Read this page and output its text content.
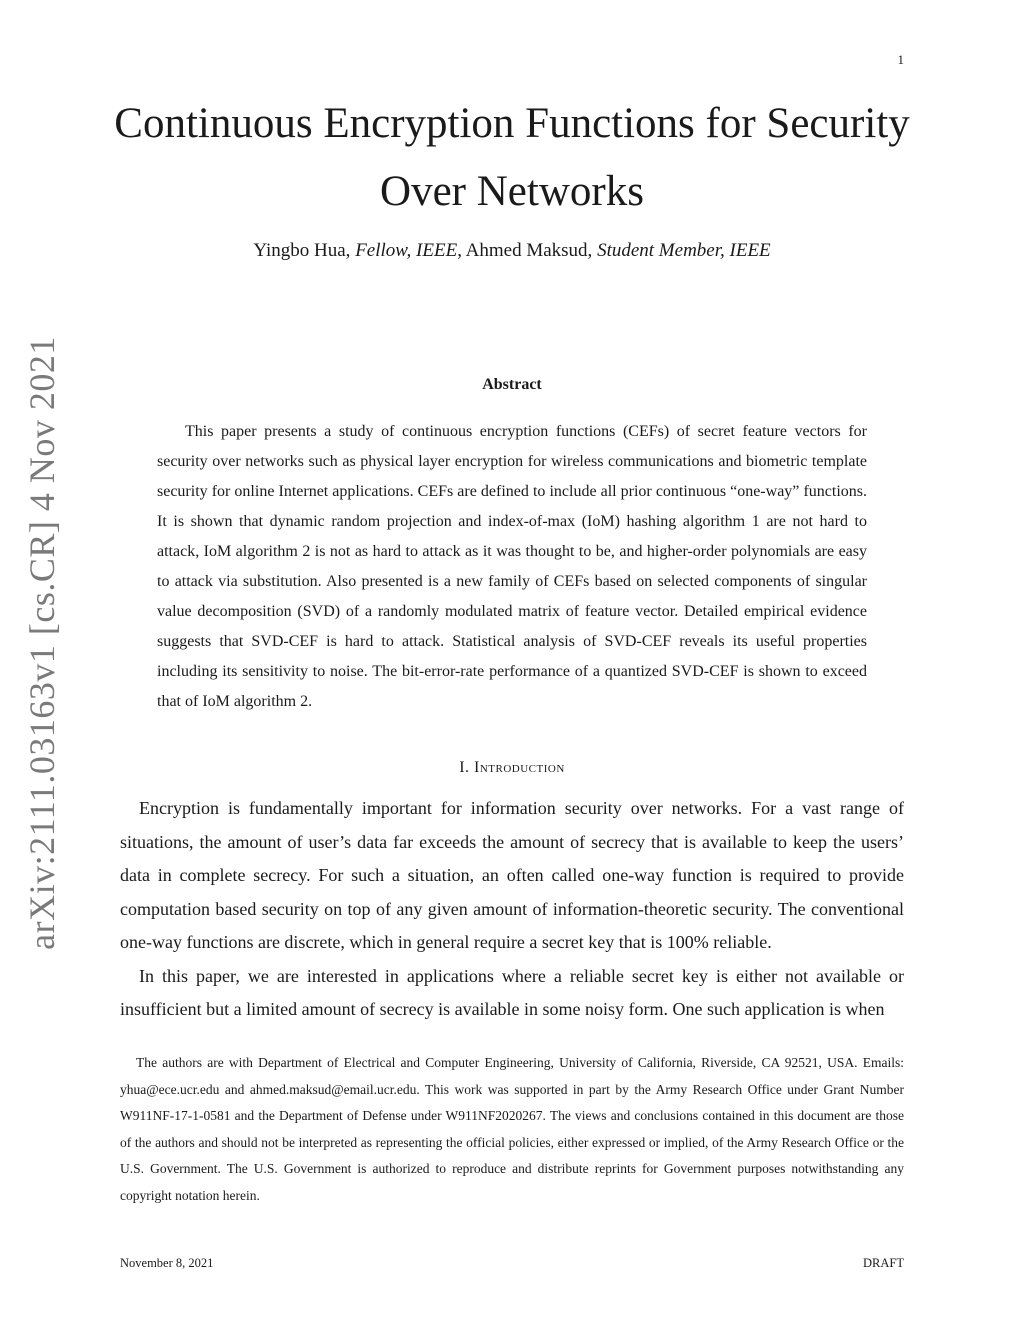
1
arXiv:2111.03163v1 [cs.CR] 4 Nov 2021
Continuous Encryption Functions for Security
Over Networks
Yingbo Hua, Fellow, IEEE, Ahmed Maksud, Student Member, IEEE
Abstract

This paper presents a study of continuous encryption functions (CEFs) of secret feature vectors for security over networks such as physical layer encryption for wireless communications and biometric template security for online Internet applications. CEFs are defined to include all prior continuous “one-way” functions. It is shown that dynamic random projection and index-of-max (IoM) hashing algorithm 1 are not hard to attack, IoM algorithm 2 is not as hard to attack as it was thought to be, and higher-order polynomials are easy to attack via substitution. Also presented is a new family of CEFs based on selected components of singular value decomposition (SVD) of a randomly modulated matrix of feature vector. Detailed empirical evidence suggests that SVD-CEF is hard to attack. Statistical analysis of SVD-CEF reveals its useful properties including its sensitivity to noise. The bit-error-rate performance of a quantized SVD-CEF is shown to exceed that of IoM algorithm 2.

I. Introduction

Encryption is fundamentally important for information security over networks. For a vast range of situations, the amount of user’s data far exceeds the amount of secrecy that is available to keep the users’ data in complete secrecy. For such a situation, an often called one-way function is required to provide computation based security on top of any given amount of information-theoretic security. The conventional one-way functions are discrete, which in general require a secret key that is 100% reliable.

In this paper, we are interested in applications where a reliable secret key is either not available or insufficient but a limited amount of secrecy is available in some noisy form. One such application is when

The authors are with Department of Electrical and Computer Engineering, University of California, Riverside, CA 92521, USA. Emails: yhua@ece.ucr.edu and ahmed.maksud@email.ucr.edu. This work was supported in part by the Army Research Office under Grant Number W911NF-17-1-0581 and the Department of Defense under W911NF2020267. The views and conclusions contained in this document are those of the authors and should not be interpreted as representing the official policies, either expressed or implied, of the Army Research Office or the U.S. Government. The U.S. Government is authorized to reproduce and distribute reprints for Government purposes notwithstanding any copyright notation herein.

November 8, 2021	DRAFT
